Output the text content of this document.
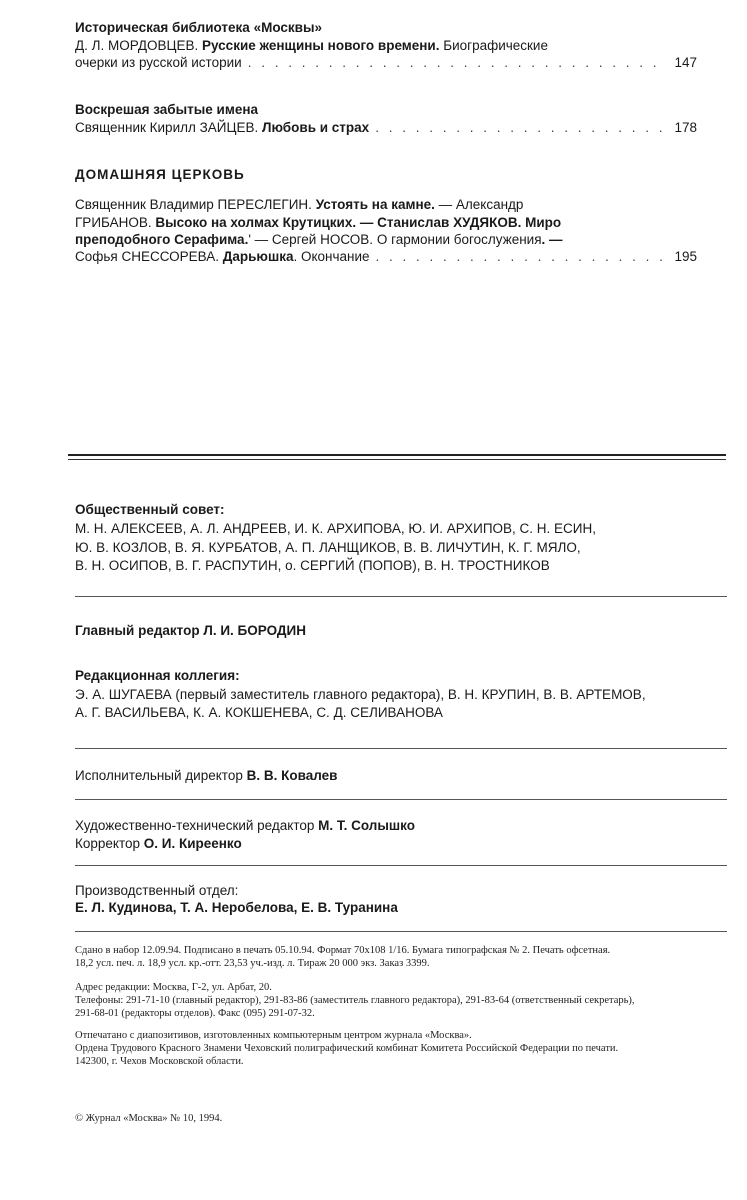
Историческая библиотека «Москвы»
Д. Л. МОРДОВЦЕВ. Русские женщины нового времени. Биографические
очерки из русской истории . . .	147
Воскрешая забытые имена
Священник Кирилл ЗАЙЦЕВ. Любовь и страх . . .	178
ДОМАШНЯЯ ЦЕРКОВЬ
Священник Владимир ПЕРЕСЛЕГИН. Устоять на камне. — Александр
ГРИБАНОВ. Высоко на холмах Крутицких. — Станислав ХУДЯКОВ. Миро
преподобного Серафима.' — Сергей НОСОВ. О гармонии богослужения. —
Софья СНЕССОРЕВА. Дарьюшка. Окончание . . .	195
Общественный совет:
М. Н. АЛЕКСЕЕВ, А. Л. АНДРЕЕВ, И. К. АРХИПОВА, Ю. И. АРХИПОВ, С. Н. ЕСИН,
Ю. В. КОЗЛОВ, В. Я. КУРБАТОВ, А. П. ЛАНЩИКОВ, В. В. ЛИЧУТИН, К. Г. МЯЛО,
В. Н. ОСИПОВ, В. Г. РАСПУТИН, о. СЕРГИЙ (ПОПОВ), В. Н. ТРОСТНИКОВ
Главный редактор Л. И. БОРОДИН
Редакционная коллегия:
Э. А. ШУГАЕВА (первый заместитель главного редактора), В. Н. КРУПИН, В. В. АРТЕМОВ,
А. Г. ВАСИЛЬЕВА, К. А. КОКШЕНЕВА, С. Д. СЕЛИВАНОВА
Исполнительный директор В. В. Ковалев
Художественно-технический редактор М. Т. Солышко
Корректор О. И. Киреенко
Производственный отдел:
Е. Л. Кудинова, Т. А. Неробелова, Е. В. Туранина
Сдано в набор 12.09.94. Подписано в печать 05.10.94. Формат 70x108 1/16. Бумага типографская № 2. Печать офсетная.
18,2 усл. печ. л. 18,9 усл. кр.-отт. 23,53 уч.-изд. л. Тираж 20 000 экз. Заказ 3399.
Адрес редакции: Москва, Г-2, ул. Арбат, 20.
Телефоны: 291-71-10 (главный редактор), 291-83-86 (заместитель главного редактора), 291-83-64 (ответственный секретарь),
291-68-01 (редакторы отделов). Факс (095) 291-07-32.
Отпечатано с диапозитивов, изготовленных компьютерным центром журнала «Москва».
Ордена Трудового Красного Знамени Чеховский полиграфический комбинат Комитета Российской Федерации по печати.
142300, г. Чехов Московской области.
© Журнал «Москва» № 10, 1994.
